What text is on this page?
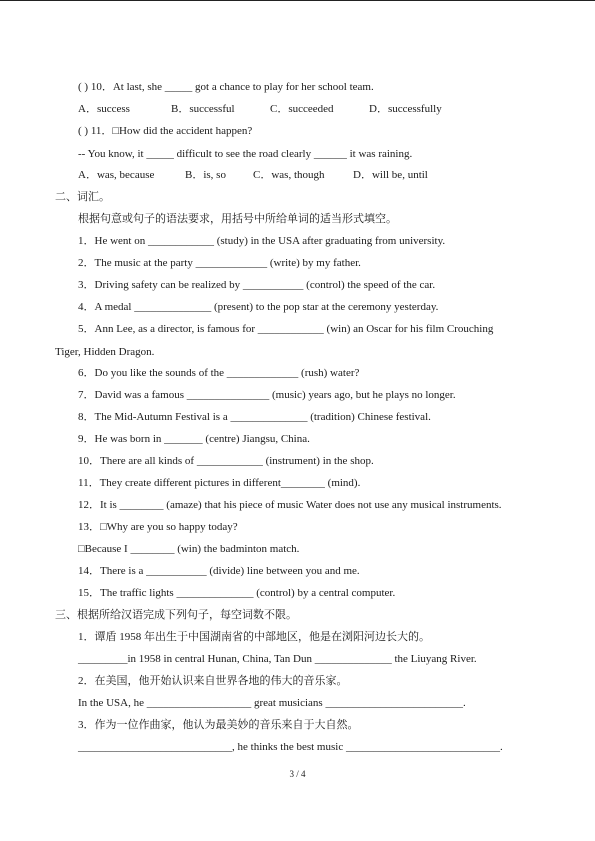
( ) 10．At last, she _____ got a chance to play for her school team.
A．success	B．successful	C．succeeded	D．successfully
( ) 11．□How did the accident happen?
-- You know, it _____ difficult to see the road clearly ______ it was raining.
A．was, because	B．is, so C．was, though	D．will be, until
二、词汇。
根据句意或句子的语法要求，用括号中所给单词的适当形式填空。
1．He went on ____________ (study) in the USA after graduating from university.
2．The music at the party _____________ (write) by my father.
3．Driving safety can be realized by ___________ (control) the speed of the car.
4．A medal ______________ (present) to the pop star at the ceremony yesterday.
5．Ann Lee, as a director, is famous for ____________ (win) an Oscar for his film Crouching
Tiger, Hidden Dragon.
6．Do you like the sounds of the _____________ (rush) water?
7．David was a famous _______________ (music) years ago, but he plays no longer.
8．The Mid-Autumn Festival is a ______________ (tradition) Chinese festival.
9．He was born in _______ (centre) Jiangsu, China.
10．There are all kinds of ____________ (instrument) in the shop.
11．They create different pictures in different________ (mind).
12．It is ________ (amaze) that his piece of music Water does not use any musical instruments.
13．□Why are you so happy today?
□Because I ________ (win) the badminton match.
14．There is a ___________ (divide) line between you and me.
15．The traffic lights ______________ (control) by a central computer.
三、根据所给汉语完成下列句子，每空词数不限。
1．谭盾 1958 年出生于中国湖南省的中部地区，他是在浏阳河边长大的。
_________in 1958 in central Hunan, China, Tan Dun ______________ the Liuyang River.
2．在美国，他开始认识来自世界各地的伟大的音乐家。
In the USA, he ___________________ great musicians _________________________.
3．作为一位作曲家，他认为最美妙的音乐来自于大自然。
____________________________, he thinks the best music ____________________________.
3 / 4
